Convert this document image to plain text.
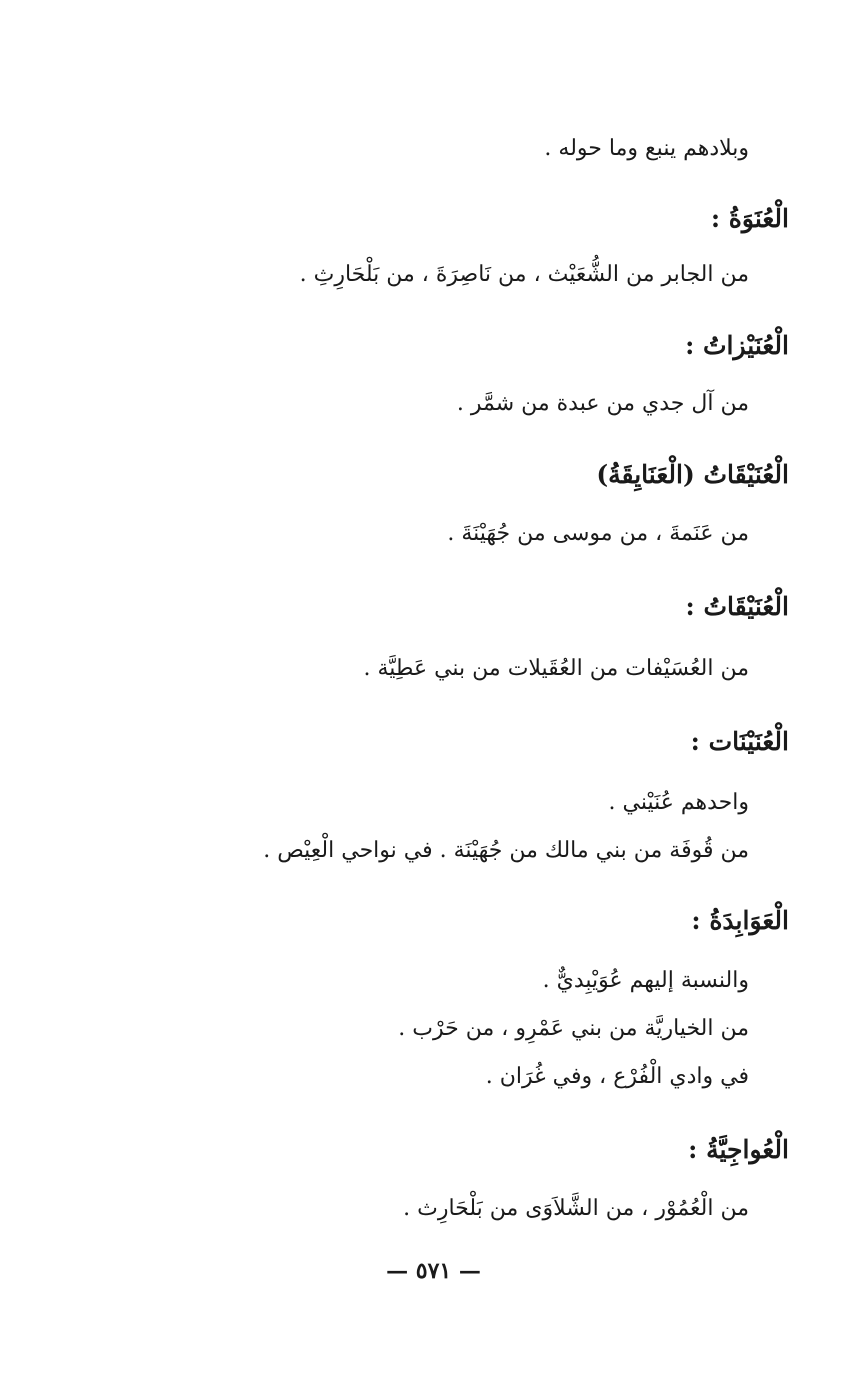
وبلادهم ينبع وما حوله .
الْعُنَوَةُ :
من الجابر من الشُّعَيْث ، من نَاصِرَةَ ، من بَلْحَارِثِ .
الْعُنَيْزاتُ :
من آل جدي من عبدة من شمَّر .
الْعُنَيْقَاتُ (الْعَنَايِقَةُ)
من عَنَمةَ ، من موسى من جُهَيْنَةَ .
الْعُنَيْقَاتُ :
من العُسَيْفات من العُقَيلات من بني عَطِيَّة .
الْعُنَيْنَات :
واحدهم عُنَيْني .
من قُوفَة من بني مالك من جُهَيْنَة . في نواحي الْعِيْص .
الْعَوَابِدَةُ :
والنسبة إليهم عُوَيْبِديٌّ .
من الخياريَّة من بني عَمْرِو ، من حَرْب .
في وادي الْفُرْع ، وفي غُرَان .
الْعُواجِيَّةُ :
من الْعُمُوْر ، من الشَّلاَوَى من بَلْحَارِث .
— ٥٧١ —
